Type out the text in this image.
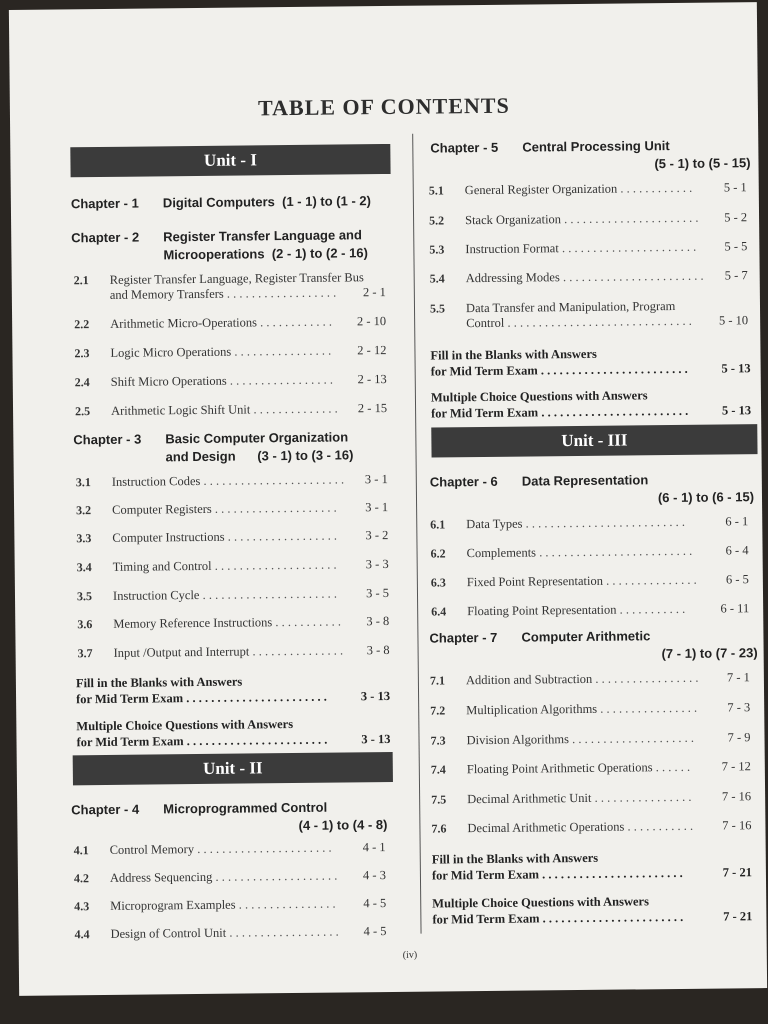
TABLE OF CONTENTS
Unit - I
Chapter - 1 Digital Computers (1 - 1) to (1 - 2)
Chapter - 2 Register Transfer Language and
Microoperations (2 - 1) to (2 - 16)
2.1 Register Transfer Language, Register Transfer Bus
and Memory Transfers . . . . . . . . . . . . . . . . . .	2 - 1
2.2 Arithmetic Micro-Operations . . . . . . . . . . . . 2 - 10
2.3 Logic Micro Operations . . . . . . . . . . . . . . . . 2 - 12
2.4 Shift Micro Operations . . . . . . . . . . . . . . . . . 2 - 13
2.5 Arithmetic Logic Shift Unit . . . . . . . . . . . . . . 2 - 15
Chapter - 3 Basic Computer Organization
and Design (3 - 1) to (3 - 16)
3.1 Instruction Codes . . . . . . . . . . . . . . . . . . . . . . . 3 - 1
3.2 Computer Registers . . . . . . . . . . . . . . . . . . . . 3 - 1
3.3 Computer Instructions . . . . . . . . . . . . . . . . . . 3 - 2
3.4 Timing and Control . . . . . . . . . . . . . . . . . . . . 3 - 3
3.5 Instruction Cycle . . . . . . . . . . . . . . . . . . . . . . 3 - 5
3.6 Memory Reference Instructions . . . . . . . . . . . 3 - 8
3.7 Input /Output and Interrupt . . . . . . . . . . . . . . . 3 - 8
Fill in the Blanks with Answers
for Mid Term Exam . . . . . . . . . . . . . . . . . . . . . . .	3 - 13
Multiple Choice Questions with Answers
for Mid Term Exam . . . . . . . . . . . . . . . . . . . . . . .	3 - 13
Unit - II
Chapter - 4 Microprogrammed Control
(4 - 1) to (4 - 8)
4.1 Control Memory . . . . . . . . . . . . . . . . . . . . . . 4 - 1
4.2 Address Sequencing . . . . . . . . . . . . . . . . . . . . 4 - 3
4.3 Microprogram Examples . . . . . . . . . . . . . . . . 4 - 5
4.4 Design of Control Unit . . . . . . . . . . . . . . . . . . 4 - 5
Chapter - 5 Central Processing Unit
(5 - 1) to (5 - 15)
5.1 General Register Organization . . . . . . . . . . . .	5 - 1
5.2 Stack Organization . . . . . . . . . . . . . . . . . . . . . . 5 - 2
5.3 Instruction Format . . . . . . . . . . . . . . . . . . . . . . 5 - 5
5.4 Addressing Modes . . . . . . . . . . . . . . . . . . . . . . . 5 - 7
5.5 Data Transfer and Manipulation, Program
Control . . . . . . . . . . . . . . . . . . . . . . . . . . . . . .	5 - 10
Fill in the Blanks with Answers
for Mid Term Exam . . . . . . . . . . . . . . . . . . . . . . . .	5 - 13
Multiple Choice Questions with Answers
for Mid Term Exam . . . . . . . . . . . . . . . . . . . . . . . .	5 - 13
Unit - III
Chapter - 6 Data Representation
(6 - 1) to (6 - 15)
6.1 Data Types . . . . . . . . . . . . . . . . . . . . . . . . . .	6 - 1
6.2 Complements . . . . . . . . . . . . . . . . . . . . . . . . .	6 - 4
6.3 Fixed Point Representation . . . . . . . . . . . . . . . 6 - 5
6.4 Floating Point Representation . . . . . . . . . . .	6 - 11
Chapter - 7 Computer Arithmetic
(7 - 1) to (7 - 23)
7.1 Addition and Subtraction . . . . . . . . . . . . . . . . . 7 - 1
7.2 Multiplication Algorithms . . . . . . . . . . . . . . . . 7 - 3
7.3 Division Algorithms . . . . . . . . . . . . . . . . . . . .	7 - 9
7.4 Floating Point Arithmetic Operations . . . . . .	7 - 12
7.5 Decimal Arithmetic Unit . . . . . . . . . . . . . . . . 7 - 16
7.6 Decimal Arithmetic Operations . . . . . . . . . . . 7 - 16
Fill in the Blanks with Answers
for Mid Term Exam . . . . . . . . . . . . . . . . . . . . . . .	7 - 21
Multiple Choice Questions with Answers
for Mid Term Exam . . . . . . . . . . . . . . . . . . . . . . .	7 - 21
(iv)
